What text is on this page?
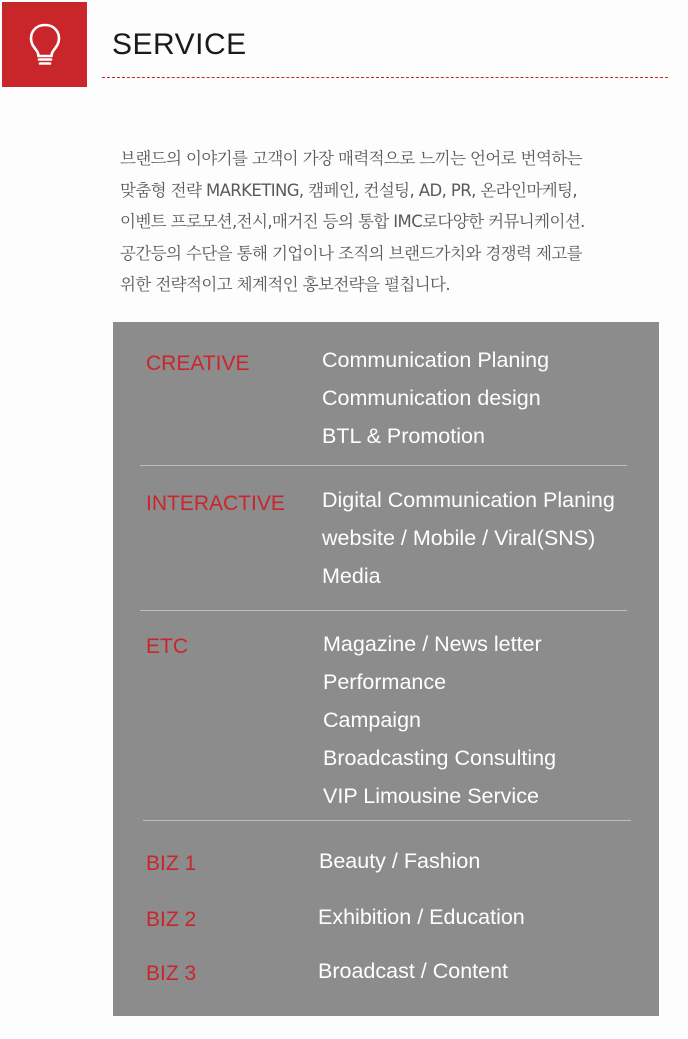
SERVICE
브랜드의 이야기를 고객이 가장 매력적으로 느끼는 언어로 번역하는
맞춤형 전략 MARKETING, 캠페인, 컨설팅, AD, PR, 온라인마케팅,
이벤트 프로모션,전시,매거진 등의 통합 IMC로다양한 커뮤니케이션.
공간등의 수단을 통해 기업이나 조직의 브랜드가치와 경쟁력 제고를
위한 전략적이고 체계적인 홍보전략을 펼칩니다.
CREATIVE	Communication Planing
Communication design
BTL & Promotion
INTERACTIVE Digital Communication Planing
website / Mobile / Viral(SNS)
Media
ETC	Magazine / News letter
Performance
Campaign
Broadcasting Consulting
VIP Limousine Service
BIZ 1	Beauty / Fashion
BIZ 2	Exhibition / Education
BIZ 3	Broadcast / Content
